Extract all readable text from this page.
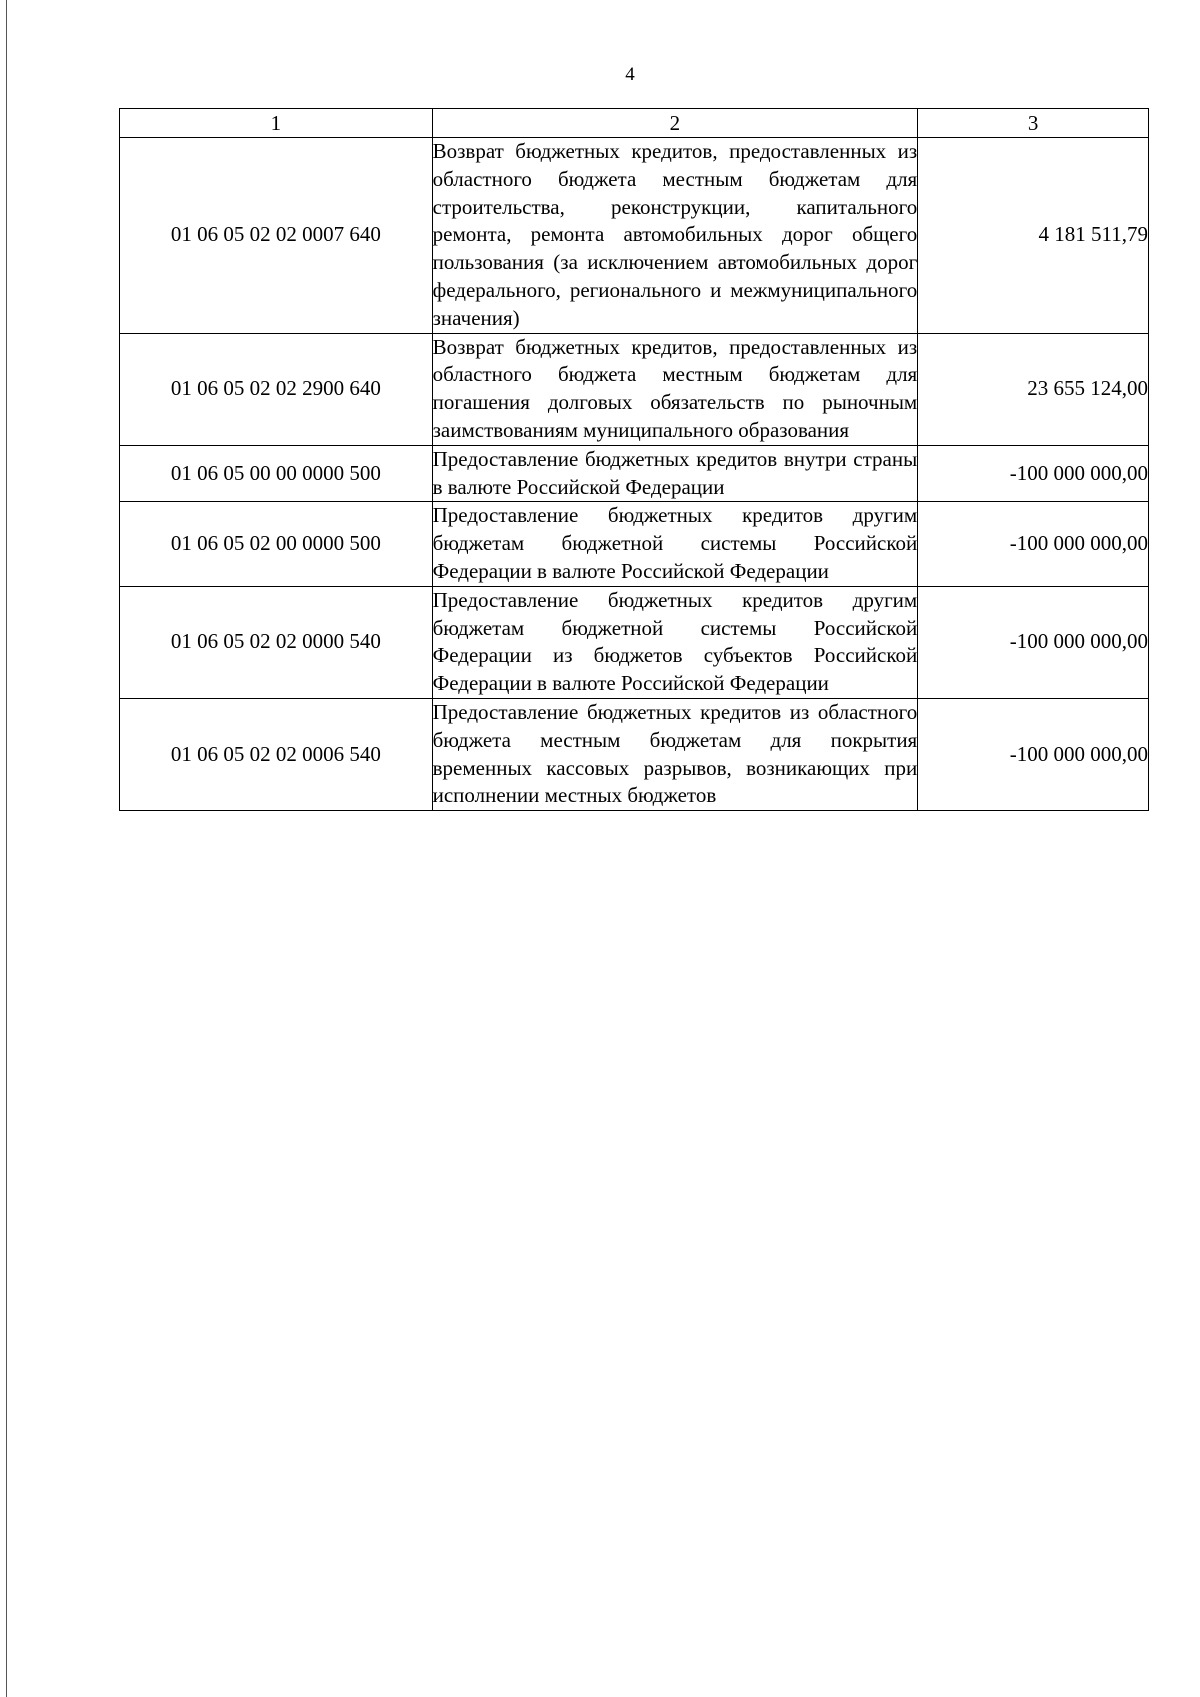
4
1	2	3
01 06 05 02 02 0007 640	Возврат бюджетных кредитов, предоставленных из областного бюджета местным бюджетам для строительства, реконструкции, капитального ремонта, ремонта автомобильных дорог общего пользования (за исключением автомобильных дорог федерального, регионального и межмуниципального значения)	4 181 511,79
01 06 05 02 02 2900 640	Возврат бюджетных кредитов, предоставленных из областного бюджета местным бюджетам для погашения долговых обязательств по рыночным заимствованиям муниципального образования	23 655 124,00
01 06 05 00 00 0000 500	Предоставление бюджетных кредитов внутри страны в валюте Российской Федерации	-100 000 000,00
01 06 05 02 00 0000 500	Предоставление бюджетных кредитов другим бюджетам бюджетной системы Российской Федерации в валюте Российской Федерации	-100 000 000,00
01 06 05 02 02 0000 540	Предоставление бюджетных кредитов другим бюджетам бюджетной системы Российской Федерации из бюджетов субъектов Российской Федерации в валюте Российской Федерации	-100 000 000,00
01 06 05 02 02 0006 540	Предоставление бюджетных кредитов из областного бюджета местным бюджетам для покрытия временных кассовых разрывов, возникающих при исполнении местных бюджетов	-100 000 000,00
